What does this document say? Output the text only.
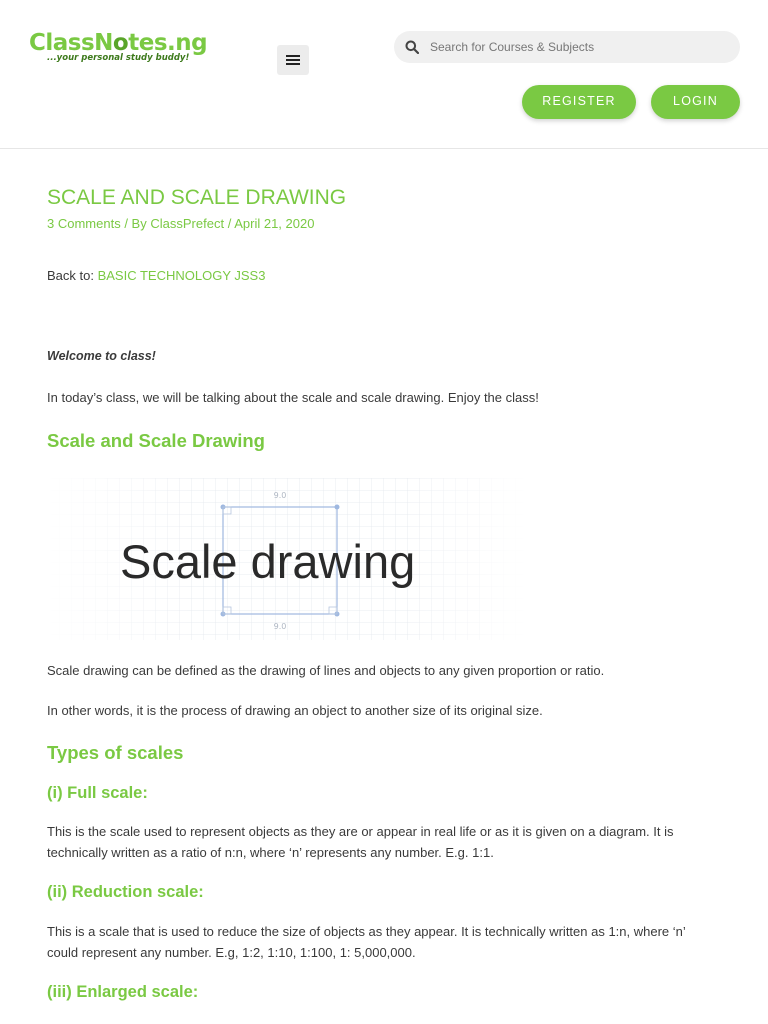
ClassNotes.ng
...your personal study buddy!
Search for Courses & Subjects
REGISTER	LOGIN
SCALE AND SCALE DRAWING
3 Comments / By ClassPrefect / April 21, 2020
Back to: BASIC TECHNOLOGY JSS3
Welcome to class!
In today’s class, we will be talking about the scale and scale drawing. Enjoy the class!
Scale and Scale Drawing
9.0
9.0
Scale drawing
Scale drawing can be defined as the drawing of lines and objects to any given proportion or ratio.
In other words, it is the process of drawing an object to another size of its original size.
Types of scales
(i) Full scale:
This is the scale used to represent objects as they are or appear in real life or as it is given on a diagram. It is technically written as a ratio of n:n, where ‘n’ represents any number. E.g. 1:1.
(ii) Reduction scale:
This is a scale that is used to reduce the size of objects as they appear. It is technically written as 1:n, where ‘n’ could represent any number. E.g, 1:2, 1:10, 1:100, 1: 5,000,000.
(iii) Enlarged scale:
